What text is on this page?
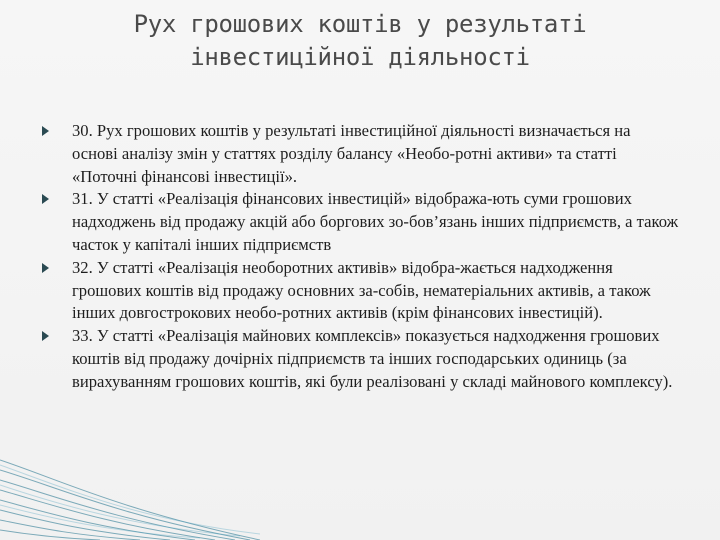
Рух грошових коштів у результаті
інвестиційної діяльності
30. Рух грошових коштів у результаті інвестиційної діяльності визначається на основі аналізу змін у статтях розділу балансу «Необо-ротні активи» та статті «Поточні фінансові інвестиції».
31. У статті «Реалізація фінансових інвестицій» відобража-ють суми грошових надходжень від продажу акцій або боргових зо-бов’язань інших підприємств, а також часток у капіталі інших підприємств
32. У статті «Реалізація необоротних активів» відобра-жається надходження грошових коштів від продажу основних за-собів, нематеріальних активів, а також інших довгострокових необо-ротних активів (крім фінансових інвестицій).
33. У статті «Реалізація майнових комплексів» показується надходження грошових коштів від продажу дочірніх підприємств та інших господарських одиниць (за вирахуванням грошових коштів, які були реалізовані у складі майнового комплексу).
